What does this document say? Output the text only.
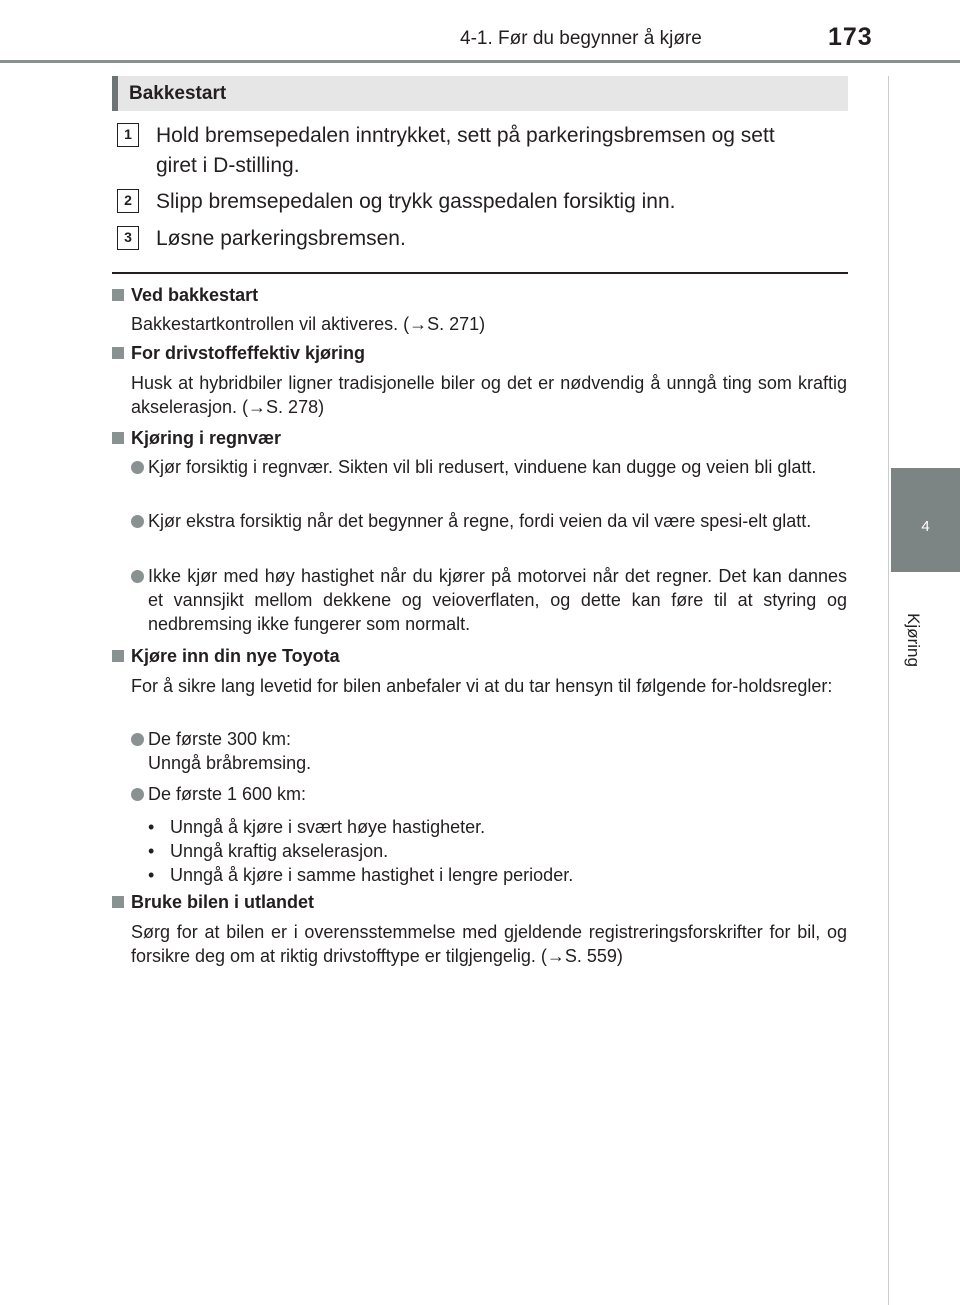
4-1. Før du begynner å kjøre	173
4
Kjøring
Bakkestart
1	Hold bremsepedalen inntrykket, sett på parkeringsbremsen og sett
giret i D-stilling.
2	Slipp bremsepedalen og trykk gasspedalen forsiktig inn.
3	Løsne parkeringsbremsen.
Ved bakkestart
Bakkestartkontrollen vil aktiveres. (→S. 271)
For drivstoffeffektiv kjøring
Husk at hybridbiler ligner tradisjonelle biler og det er nødvendig å unngå ting som kraftig akselerasjon. (→S. 278)
Kjøring i regnvær
Kjør forsiktig i regnvær. Sikten vil bli redusert, vinduene kan dugge og veien bli glatt.
Kjør ekstra forsiktig når det begynner å regne, fordi veien da vil være spesi-elt glatt.
Ikke kjør med høy hastighet når du kjører på motorvei når det regner. Det kan dannes et vannsjikt mellom dekkene og veioverflaten, og dette kan føre til at styring og nedbremsing ikke fungerer som normalt.
Kjøre inn din nye Toyota
For å sikre lang levetid for bilen anbefaler vi at du tar hensyn til følgende for-holdsregler:
De første 300 km:
Unngå bråbremsing.
De første 1 600 km:
• Unngå å kjøre i svært høye hastigheter.
• Unngå kraftig akselerasjon.
• Unngå å kjøre i samme hastighet i lengre perioder.
Bruke bilen i utlandet
Sørg for at bilen er i overensstemmelse med gjeldende registreringsforskrifter for bil, og forsikre deg om at riktig drivstofftype er tilgjengelig. (→S. 559)
